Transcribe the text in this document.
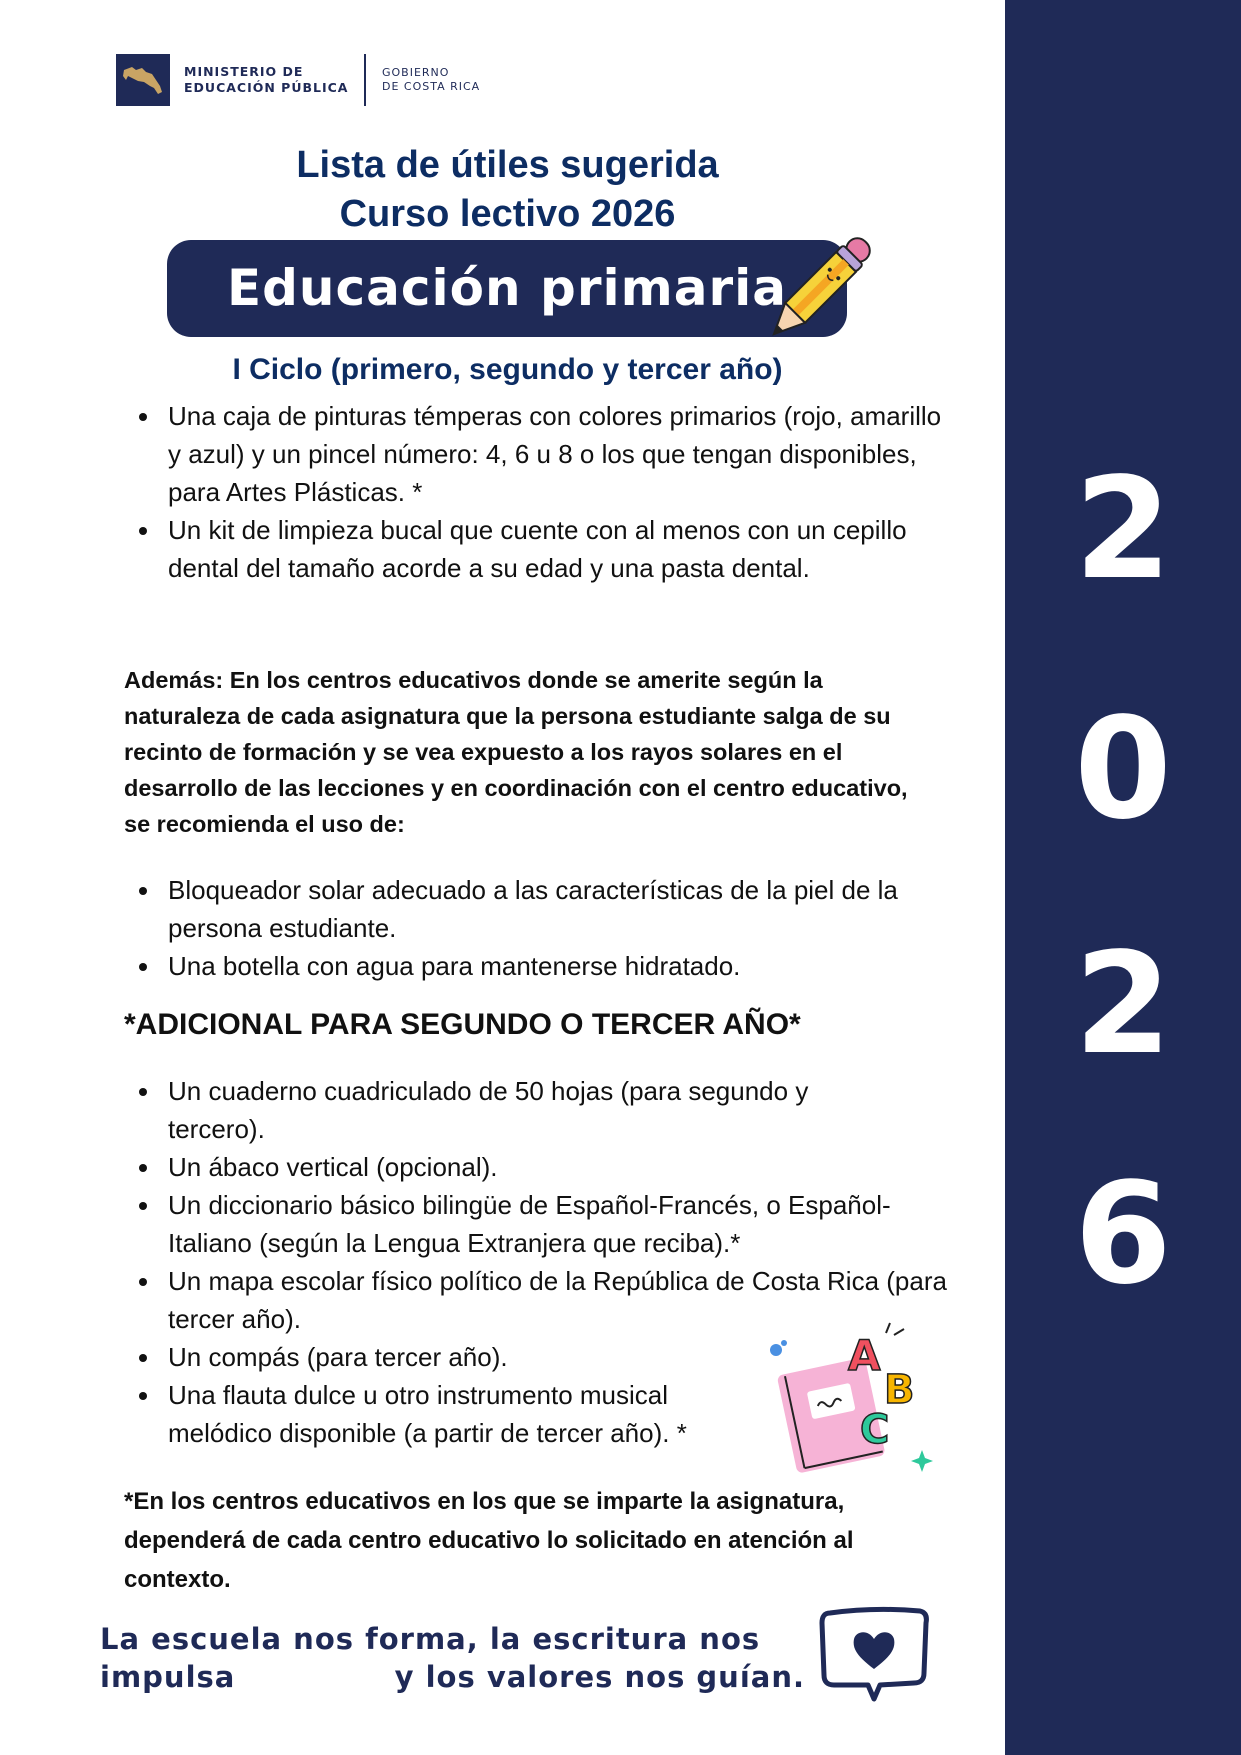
MINISTERIO DE
EDUCACIÓN PÚBLICA
GOBIERNO
DE COSTA RICA
Lista de útiles sugerida
Curso lectivo 2026
Educación primaria
I Ciclo (primero, segundo y tercer año)
Una caja de pinturas témperas con colores primarios (rojo, amarillo y azul) y un pincel número: 4, 6 u 8 o los que tengan disponibles, para Artes Plásticas. *
Un kit de limpieza bucal que cuente con al menos con un cepillo dental del tamaño acorde a su edad y una pasta dental.
Además: En los centros educativos donde se amerite según la naturaleza de cada asignatura que la persona estudiante salga de su recinto de formación y se vea expuesto a los rayos solares en el desarrollo de las lecciones y en coordinación con el centro educativo, se recomienda el uso de:
Bloqueador solar adecuado a las características de la piel de la persona estudiante.
Una botella con agua para mantenerse hidratado.
*ADICIONAL PARA SEGUNDO O TERCER AÑO*
Un cuaderno cuadriculado de 50 hojas (para segundo y tercero).
Un ábaco vertical (opcional).
Un diccionario básico bilingüe de Español-Francés, o Español-Italiano (según la Lengua Extranjera que reciba).*
Un mapa escolar físico político de la República de Costa Rica (para tercer año).
Un compás (para tercer año).
Una flauta dulce u otro instrumento musical melódico disponible (a partir de tercer año). *
A
B
C
*En los centros educativos en los que se imparte la asignatura, dependerá de cada centro educativo lo solicitado en atención al contexto.
La escuela nos forma, la escritura nos impulsa	y los valores nos guían.
2
0
2
6
